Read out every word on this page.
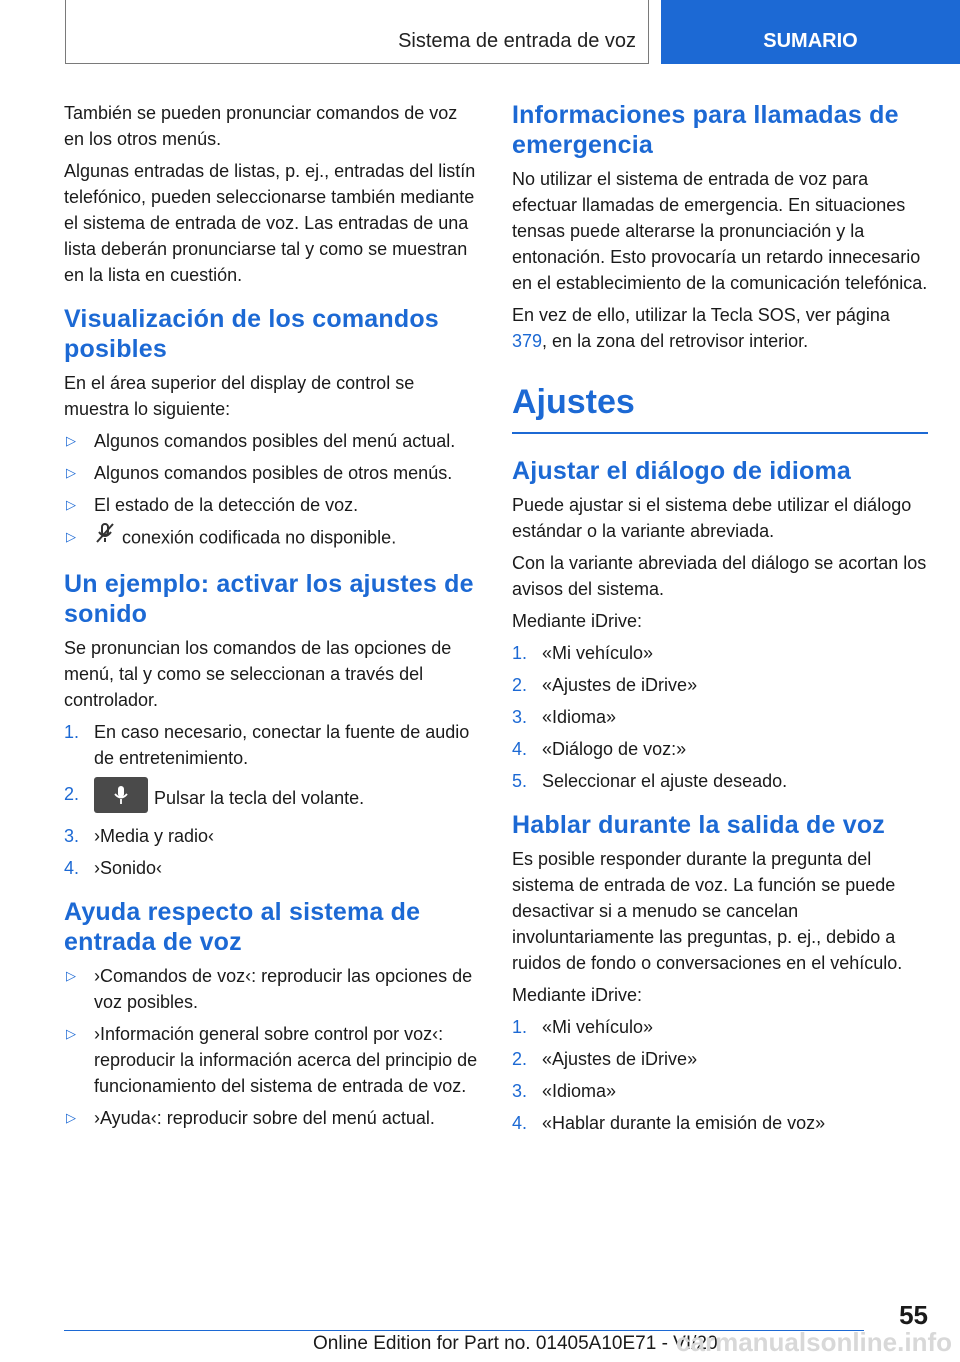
Sistema de entrada de voz	SUMARIO

También se pueden pronunciar comandos de voz en los otros menús.

Algunas entradas de listas, p. ej., entradas del listín telefónico, pueden seleccionarse también mediante el sistema de entrada de voz. Las entradas de una lista deberán pronunciarse tal y como se muestran en la lista en cuestión.

Visualización de los comandos posibles

En el área superior del display de control se muestra lo siguiente:

▷ Algunos comandos posibles del menú actual.
▷ Algunos comandos posibles de otros menús.
▷ El estado de la detección de voz.
▷	conexión codificada no disponible.
Un ejemplo: activar los ajustes de sonido

Se pronuncian los comandos de las opciones de menú, tal y como se seleccionan a través del controlador.

1. En caso necesario, conectar la fuente de audio de entretenimiento.
2.	Pulsar la tecla del volante.
3. ›Media y radio‹
4. ›Sonido‹
Ayuda respecto al sistema de entrada de voz
▷ ›Comandos de voz‹: reproducir las opciones de voz posibles.
▷ ›Información general sobre control por voz‹: reproducir la información acerca del principio de funcionamiento del sistema de entrada de voz.
▷ ›Ayuda‹: reproducir sobre del menú actual.
Informaciones para llamadas de emergencia

No utilizar el sistema de entrada de voz para efectuar llamadas de emergencia. En situaciones tensas puede alterarse la pronunciación y la entonación. Esto provocaría un retardo innecesario en el establecimiento de la comunicación telefónica.

En vez de ello, utilizar la Tecla SOS, ver página 379, en la zona del retrovisor interior.

Ajustes
Ajustar el diálogo de idioma

Puede ajustar si el sistema debe utilizar el diálogo estándar o la variante abreviada.

Con la variante abreviada del diálogo se acortan los avisos del sistema.

Mediante iDrive:

1. «Mi vehículo»
2. «Ajustes de iDrive»
3. «Idioma»
4. «Diálogo de voz:»
5. Seleccionar el ajuste deseado.
Hablar durante la salida de voz

Es posible responder durante la pregunta del sistema de entrada de voz. La función se puede desactivar si a menudo se cancelan involuntariamente las preguntas, p. ej., debido a ruidos de fondo o conversaciones en el vehículo.

Mediante iDrive:

1. «Mi vehículo»
2. «Ajustes de iDrive»
3. «Idioma»
4. «Hablar durante la emisión de voz»
55
Online Edition for Part no. 01405A10E71 - VI/20
carmanualsonline.info
